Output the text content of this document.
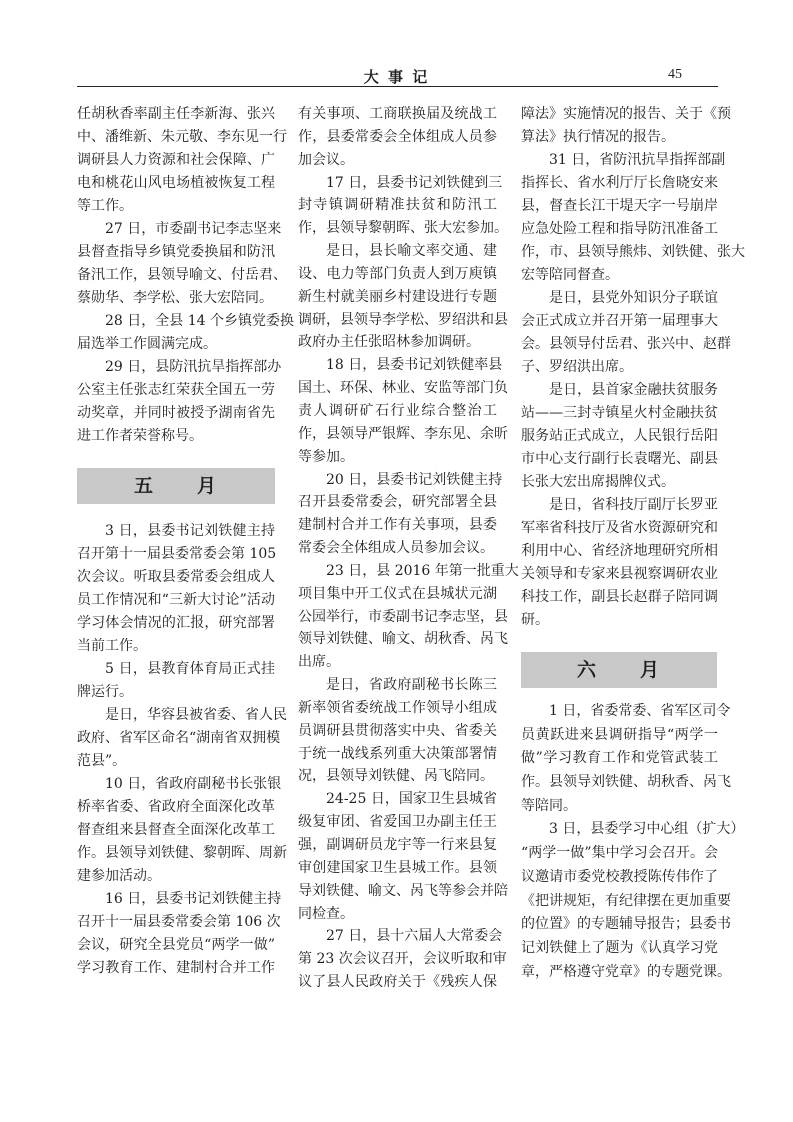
大 事 记	45
任胡秋香率副主任李新海、张兴
中、潘维新、朱元敬、李东见一行
调研县人力资源和社会保障、广
电和桃花山风电场植被恢复工程
等工作。
27 日，市委副书记李志坚来
县督查指导乡镇党委换届和防汛
备汛工作，县领导喻文、付岳君、
蔡勋华、李学松、张大宏陪同。
28 日，全县 14 个乡镇党委换
届选举工作圆满完成。
29 日，县防汛抗旱指挥部办
公室主任张志红荣获全国五一劳
动奖章，并同时被授予湖南省先
进工作者荣誉称号。
五　　月
3 日，县委书记刘铁健主持
召开第十一届县委常委会第 105
次会议。听取县委常委会组成人
员工作情况和“三新大讨论”活动
学习体会情况的汇报，研究部署
当前工作。
5 日，县教育体育局正式挂
牌运行。
是日，华容县被省委、省人民
政府、省军区命名“湖南省双拥模
范县”。
10 日，省政府副秘书长张银
桥率省委、省政府全面深化改革
督查组来县督查全面深化改革工
作。县领导刘铁健、黎朝晖、周新
建参加活动。
16 日，县委书记刘铁健主持
召开十一届县委常委会第 106 次
会议，研究全县党员“两学一做”
学习教育工作、建制村合并工作
有关事项、工商联换届及统战工
作，县委常委会全体组成人员参
加会议。
17 日，县委书记刘铁健到三
封寺镇调研精准扶贫和防汛工
作，县领导黎朝晖、张大宏参加。
是日，县长喻文率交通、建
设、电力等部门负责人到万庾镇
新生村就美丽乡村建设进行专题
调研，县领导李学松、罗绍洪和县
政府办主任张昭林参加调研。
18 日，县委书记刘铁健率县
国土、环保、林业、安监等部门负
责人调研矿石行业综合整治工
作，县领导严银辉、李东见、余昕
等参加。
20 日，县委书记刘铁健主持
召开县委常委会，研究部署全县
建制村合并工作有关事项，县委
常委会全体组成人员参加会议。
23 日，县 2016 年第一批重大
项目集中开工仪式在县城状元湖
公园举行，市委副书记李志坚，县
领导刘铁健、喻文、胡秋香、呙飞
出席。
是日，省政府副秘书长陈三
新率领省委统战工作领导小组成
员调研县贯彻落实中央、省委关
于统一战线系列重大决策部署情
况，县领导刘铁健、呙飞陪同。
24-25 日，国家卫生县城省
级复审团、省爱国卫办副主任王
强，副调研员龙宇等一行来县复
审创建国家卫生县城工作。县领
导刘铁健、喻文、呙飞等参会并陪
同检查。
27 日，县十六届人大常委会
第 23 次会议召开，会议听取和审
议了县人民政府关于《残疾人保
障法》实施情况的报告、关于《预
算法》执行情况的报告。
31 日，省防汛抗旱指挥部副
指挥长、省水利厅厅长詹晓安来
县，督查长江干堤天字一号崩岸
应急处险工程和指导防汛准备工
作，市、县领导熊炜、刘铁健、张大
宏等陪同督查。
是日，县党外知识分子联谊
会正式成立并召开第一届理事大
会。县领导付岳君、张兴中、赵群
子、罗绍洪出席。
是日，县首家金融扶贫服务
站——三封寺镇星火村金融扶贫
服务站正式成立，人民银行岳阳
市中心支行副行长袁曙光、副县
长张大宏出席揭牌仪式。
是日，省科技厅副厅长罗亚
军率省科技厅及省水资源研究和
利用中心、省经济地理研究所相
关领导和专家来县视察调研农业
科技工作，副县长赵群子陪同调
研。
六　　月
1 日，省委常委、省军区司令
员黄跃进来县调研指导“两学一
做”学习教育工作和党管武装工
作。县领导刘铁健、胡秋香、呙飞
等陪同。
3 日，县委学习中心组（扩大）
“两学一做”集中学习会召开。会
议邀请市委党校教授陈传伟作了
《把讲规矩，有纪律摆在更加重要
的位置》的专题辅导报告；县委书
记刘铁健上了题为《认真学习党
章，严格遵守党章》的专题党课。
